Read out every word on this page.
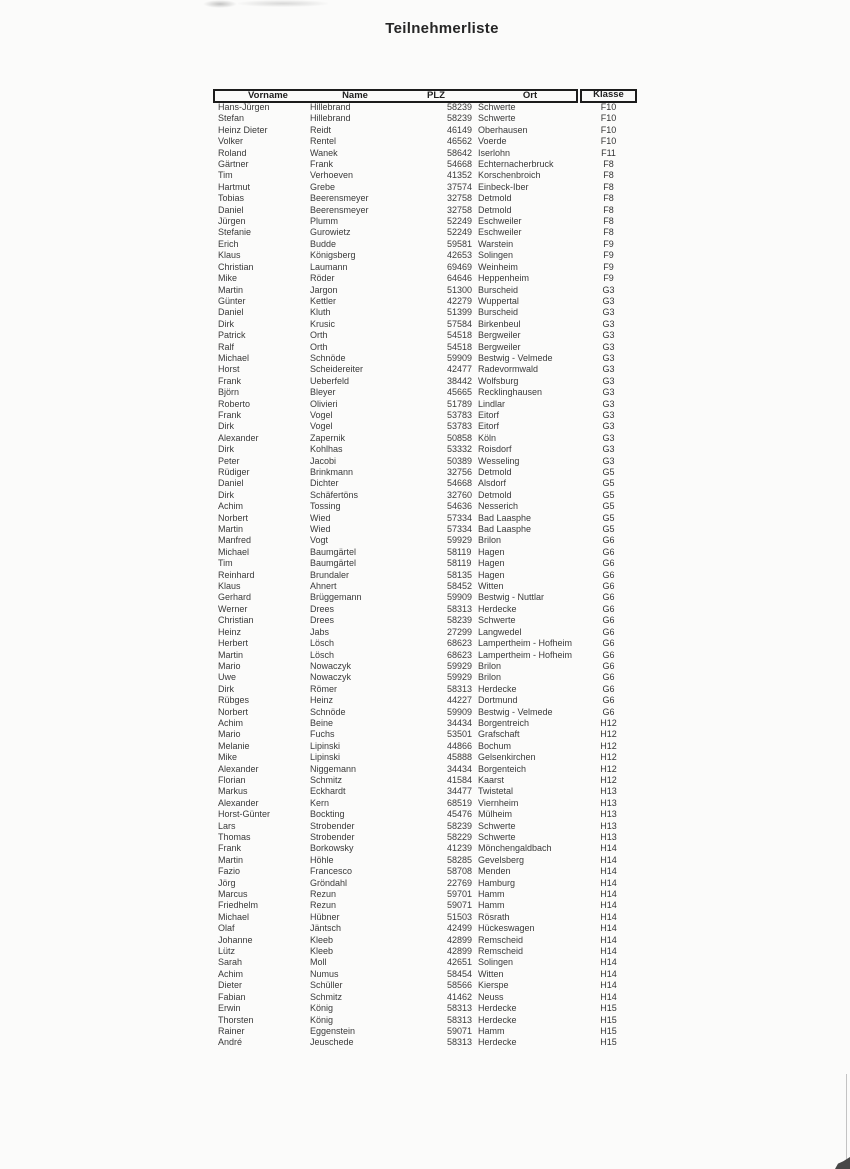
Teilnehmerliste
Vorname	Name	PLZ	Ort	Klasse
Hans-Jürgen	Hillebrand	58239 Schwerte	F10
Stefan	Hillebrand	58239 Schwerte	F10
Heinz Dieter	Reidt	46149 Oberhausen	F10
Volker	Rentel	46562 Voerde	F10
Roland	Wanek	58642 Iserlohn	F11
Gärtner	Frank	54668 Echternacherbruck	F8
Tim	Verhoeven	41352 Korschenbroich	F8
Hartmut	Grebe	37574 Einbeck-Iber	F8
Tobias	Beerensmeyer	32758 Detmold	F8
Daniel	Beerensmeyer	32758 Detmold	F8
Jürgen	Plumm	52249 Eschweiler	F8
Stefanie	Gurowietz	52249 Eschweiler	F8
Erich	Budde	59581 Warstein	F9
Klaus	Königsberg	42653 Solingen	F9
Christian	Laumann	69469 Weinheim	F9
Mike	Röder	64646 Heppenheim	F9
Martin	Jargon	51300 Burscheid	G3
Günter	Kettler	42279 Wuppertal	G3
Daniel	Kluth	51399 Burscheid	G3
Dirk	Krusic	57584 Birkenbeul	G3
Patrick	Orth	54518 Bergweiler	G3
Ralf	Orth	54518 Bergweiler	G3
Michael	Schnöde	59909 Bestwig - Velmede	G3
Horst	Scheidereiter	42477 Radevormwald	G3
Frank	Ueberfeld	38442 Wolfsburg	G3
Björn	Bleyer	45665 Recklinghausen	G3
Roberto	Olivieri	51789 Lindlar	G3
Frank	Vogel	53783 Eitorf	G3
Dirk	Vogel	53783 Eitorf	G3
Alexander	Zapernik	50858 Köln	G3
Dirk	Kohlhas	53332 Roisdorf	G3
Peter	Jacobi	50389 Wesseling	G3
Rüdiger	Brinkmann	32756 Detmold	G5
Daniel	Dichter	54668 Alsdorf	G5
Dirk	Schäfertöns	32760 Detmold	G5
Achim	Tossing	54636 Nesserich	G5
Norbert	Wied	57334 Bad Laasphe	G5
Martin	Wied	57334 Bad Laasphe	G5
Manfred	Vogt	59929 Brilon	G6
Michael	Baumgärtel	58119 Hagen	G6
Tim	Baumgärtel	58119 Hagen	G6
Reinhard	Brundaler	58135 Hagen	G6
Klaus	Ahnert	58452 Witten	G6
Gerhard	Brüggemann	59909 Bestwig - Nuttlar	G6
Werner	Drees	58313 Herdecke	G6
Christian	Drees	58239 Schwerte	G6
Heinz	Jabs	27299 Langwedel	G6
Herbert	Lösch	68623 Lampertheim - Hofheim	G6
Martin	Lösch	68623 Lampertheim - Hofheim	G6
Mario	Nowaczyk	59929 Brilon	G6
Uwe	Nowaczyk	59929 Brilon	G6
Dirk	Römer	58313 Herdecke	G6
Rübges	Heinz	44227 Dortmund	G6
Norbert	Schnöde	59909 Bestwig - Velmede	G6
Achim	Beine	34434 Borgentreich	H12
Mario	Fuchs	53501 Grafschaft	H12
Melanie	Lipinski	44866 Bochum	H12
Mike	Lipinski	45888 Gelsenkirchen	H12
Alexander	Niggemann	34434 Borgenteich	H12
Florian	Schmitz	41584 Kaarst	H12
Markus	Eckhardt	34477 Twistetal	H13
Alexander	Kern	68519 Viernheim	H13
Horst-Günter	Bockting	45476 Mülheim	H13
Lars	Strobender	58239 Schwerte	H13
Thomas	Strobender	58229 Schwerte	H13
Frank	Borkowsky	41239 Mönchengaldbach	H14
Martin	Höhle	58285 Gevelsberg	H14
Fazio	Francesco	58708 Menden	H14
Jörg	Gröndahl	22769 Hamburg	H14
Marcus	Rezun	59701 Hamm	H14
Friedhelm	Rezun	59071 Hamm	H14
Michael	Hübner	51503 Rösrath	H14
Olaf	Jäntsch	42499 Hückeswagen	H14
Johanne	Kleeb	42899 Remscheid	H14
Lütz	Kleeb	42899 Remscheid	H14
Sarah	Moll	42651 Solingen	H14
Achim	Numus	58454 Witten	H14
Dieter	Schüller	58566 Kierspe	H14
Fabian	Schmitz	41462 Neuss	H14
Erwin	König	58313 Herdecke	H15
Thorsten	König	58313 Herdecke	H15
Rainer	Eggenstein	59071 Hamm	H15
André	Jeuschede	58313 Herdecke	H15
